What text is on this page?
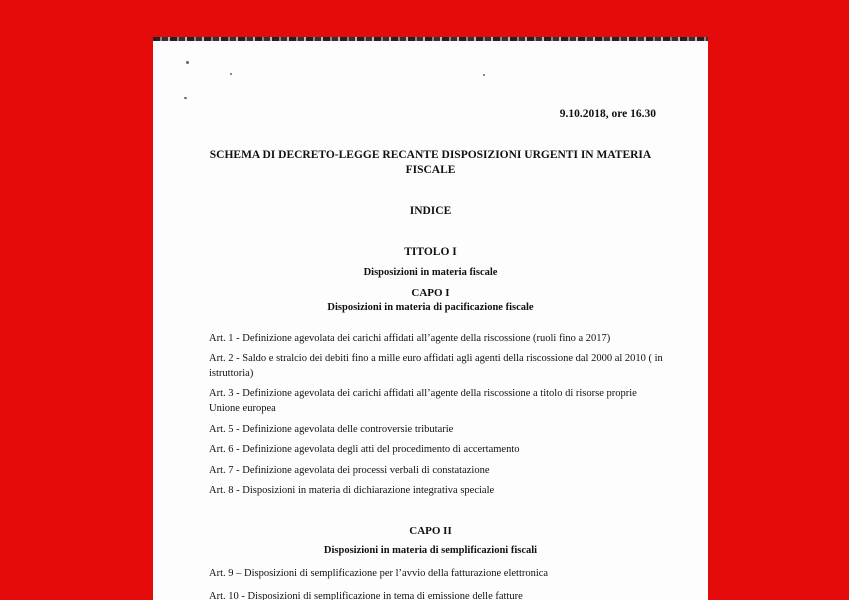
9.10.2018, ore 16.30
SCHEMA DI DECRETO-LEGGE RECANTE DISPOSIZIONI URGENTI IN MATERIA FISCALE
INDICE
TITOLO I
Disposizioni in materia fiscale
CAPO I
Disposizioni in materia di pacificazione fiscale
Art. 1 - Definizione agevolata dei carichi affidati all’agente della riscossione (ruoli fino a 2017)
Art. 2 - Saldo e stralcio dei debiti fino a mille euro affidati agli agenti della riscossione dal 2000 al 2010 ( in istruttoria)
Art. 3 - Definizione agevolata dei carichi affidati all’agente della riscossione a titolo di risorse proprie Unione europea
Art. 5 - Definizione agevolata delle controversie tributarie
Art. 6 - Definizione agevolata degli atti del procedimento di accertamento
Art. 7 - Definizione agevolata dei processi verbali di constatazione
Art. 8 - Disposizioni in materia di dichiarazione integrativa speciale
CAPO II
Disposizioni in materia di semplificazioni fiscali
Art. 9 – Disposizioni di semplificazione per l’avvio della fatturazione elettronica
Art. 10 - Disposizioni di semplificazione in tema di emissione delle fatture
